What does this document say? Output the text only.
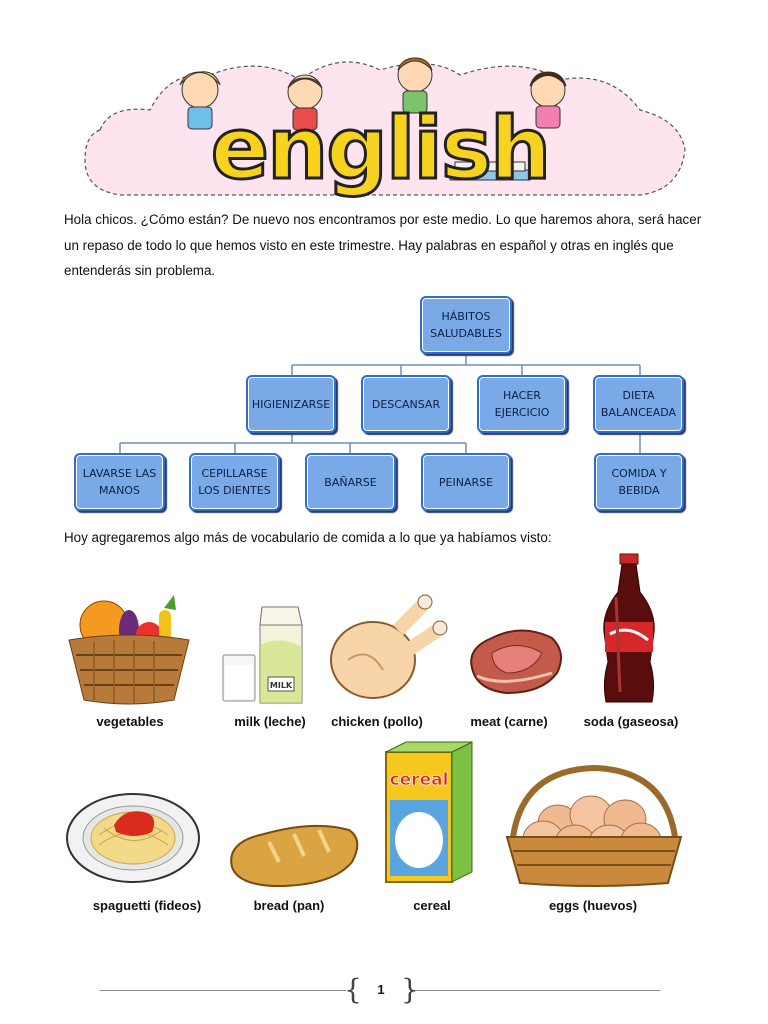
english

Hola chicos. ¿Cómo están? De nuevo nos encontramos por este medio. Lo que haremos ahora, será hacer un repaso de todo lo que hemos visto en este trimestre. Hay palabras en español y otras en inglés que entenderás sin problema.

HÁBITOS SALUDABLES
HIGIENIZARSE	DESCANSAR
HACER EJERCICIO
DIETA BALANCEADA
LAVARSE LAS MANOS
CEPILLARSE LOS DIENTES
BAÑARSE	PEINARSE
COMIDA Y BEBIDA

Hoy agregaremos algo más de vocabulario de comida a lo que ya habíamos visto:

MILK
vegetables	milk (leche) chicken (pollo)	meat (carne)	soda (gaseosa)
cereal
spaguetti (fideos)	bread (pan)	cereal	eggs (huevos)
{ }
1
